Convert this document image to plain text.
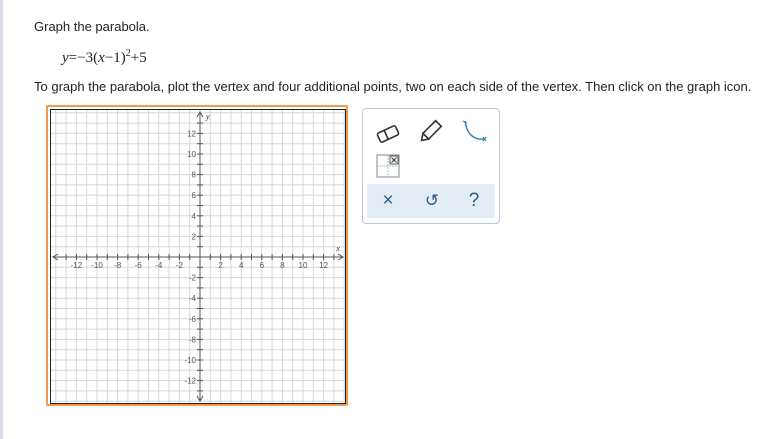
Graph the parabola.
$y=-3(x-1)^2+5$
To graph the parabola, plot the vertex and four additional points, two on each side of the vertex. Then click on the graph icon.
-12 -10 -8 -6 -4 -2	2 4 6 8 10 12
12
10
8
6
4
2
-2
-4
-6
-8
-10
-12
x
y
× ↺ ?
